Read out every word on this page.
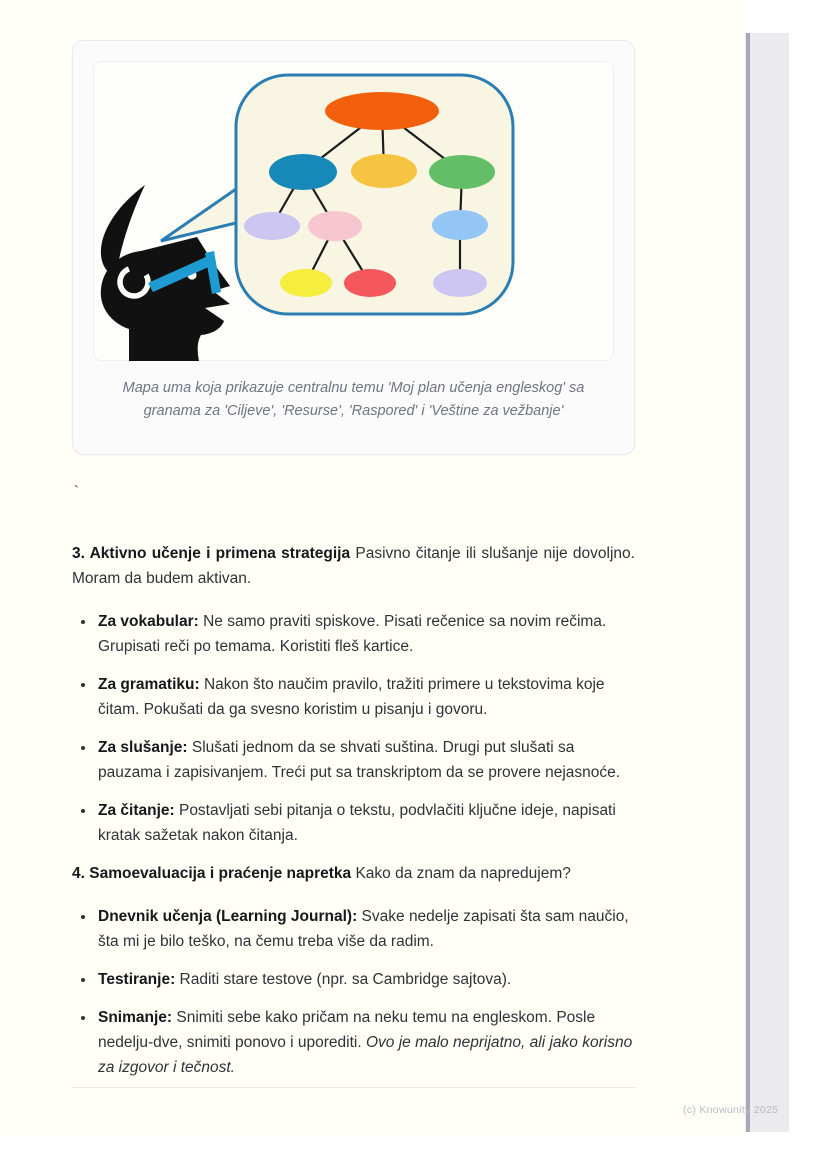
Mapa uma koja prikazuje centralnu temu 'Moj plan učenja engleskog' sa granama za 'Ciljeve', 'Resurse', 'Raspored' i 'Veštine za vežbanje'
`

3. Aktivno učenje i primena strategija Pasivno čitanje ili slušanje nije dovoljno. Moram da budem aktivan.

• Za vokabular: Ne samo praviti spiskove. Pisati rečenice sa novim rečima. Grupisati reči po temama. Koristiti fleš kartice.
• Za gramatiku: Nakon što naučim pravilo, tražiti primere u tekstovima koje čitam. Pokušati da ga svesno koristim u pisanju i govoru.
• Za slušanje: Slušati jednom da se shvati suština. Drugi put slušati sa pauzama i zapisivanjem. Treći put sa transkriptom da se provere nejasnoće.
• Za čitanje: Postavljati sebi pitanja o tekstu, podvlačiti ključne ideje, napisati kratak sažetak nakon čitanja.

4. Samoevaluacija i praćenje napretka Kako da znam da napredujem?

• Dnevnik učenja (Learning Journal): Svake nedelje zapisati šta sam naučio, šta mi je bilo teško, na čemu treba više da radim.
• Testiranje: Raditi stare testove (npr. sa Cambridge sajtova).
• Snimanje: Snimiti sebe kako pričam na neku temu na engleskom. Posle nedelju-dve, snimiti ponovo i uporediti. Ovo je malo neprijatno, ali jako korisno za izgovor i tečnost.
(c) Knowunity 2025
